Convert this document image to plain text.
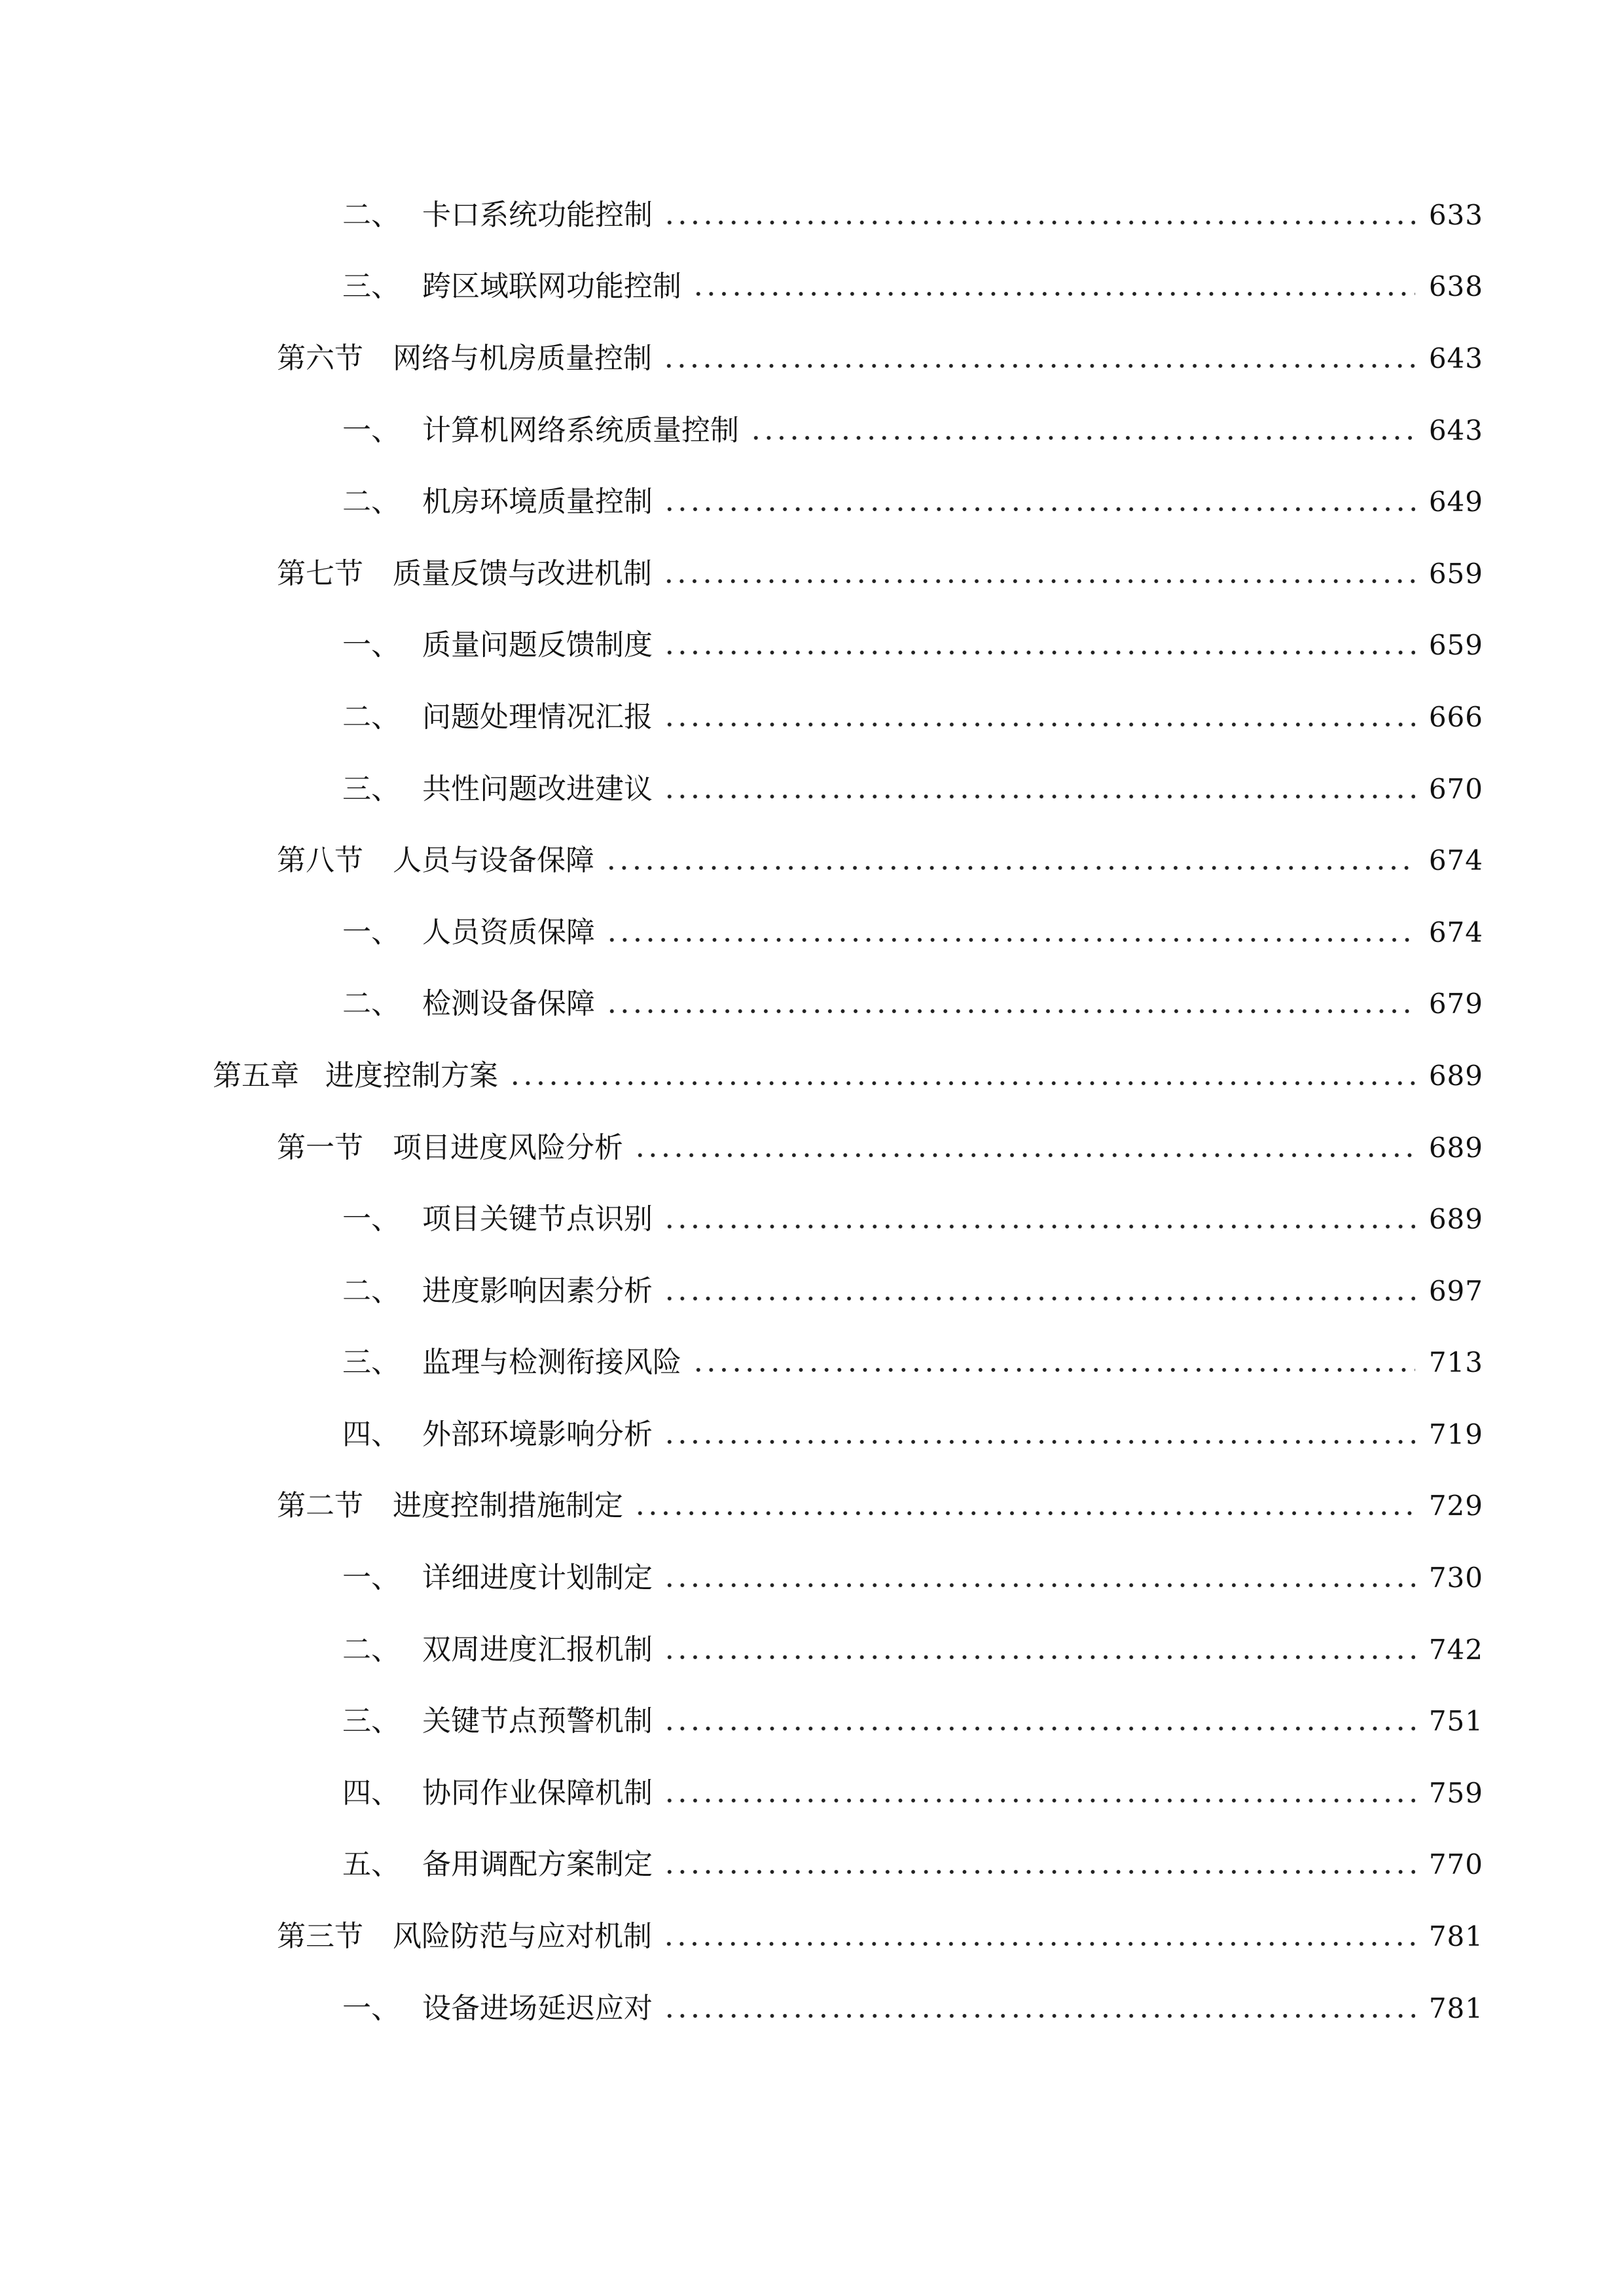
二、 卡口系统功能控制	633
三、 跨区域联网功能控制	638
第六节 网络与机房质量控制	643
一、 计算机网络系统质量控制	643
二、 机房环境质量控制	649
第七节 质量反馈与改进机制	659
一、 质量问题反馈制度	659
二、 问题处理情况汇报	666
三、 共性问题改进建议	670
第八节 人员与设备保障	674
一、 人员资质保障	674
二、 检测设备保障	679
第五章 进度控制方案	689
第一节 项目进度风险分析	689
一、 项目关键节点识别	689
二、 进度影响因素分析	697
三、 监理与检测衔接风险	713
四、 外部环境影响分析	719
第二节 进度控制措施制定	729
一、 详细进度计划制定	730
二、 双周进度汇报机制	742
三、 关键节点预警机制	751
四、 协同作业保障机制	759
五、 备用调配方案制定	770
第三节 风险防范与应对机制	781
一、 设备进场延迟应对	781
